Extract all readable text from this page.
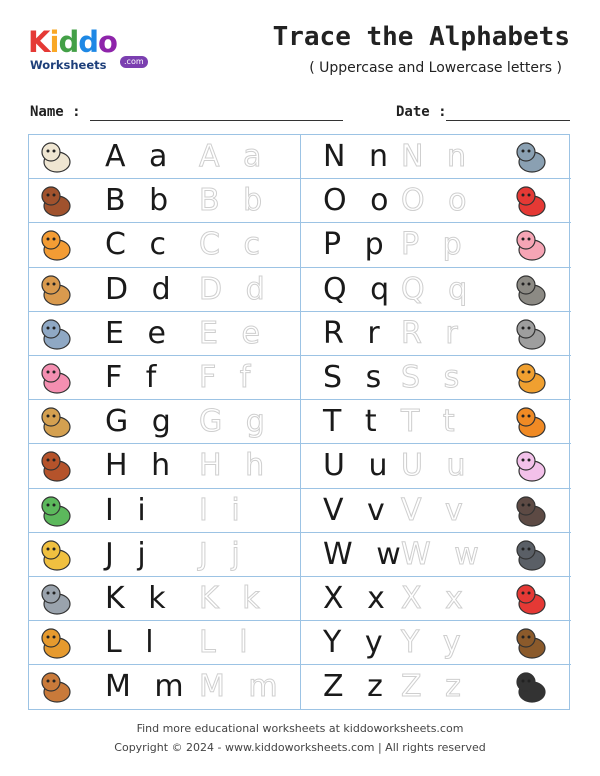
Kiddo
Worksheets	.com
Trace the Alphabets
( Uppercase and Lowercase letters )
Name :	Date :
A a A a
B b B b
C c C c
D d D d
E e E e
F f F f
G g G g
H h H h
I i I i
J j J j
K k K k
L l L l
M m M m
N n N n
O o O o
P p P p
Q q Q q
R r R r
S s S s
T t T t
U u U u
V v V v
W w
W w
X x X x
Y y Y y
Z z Z z
Find more educational worksheets at kiddoworksheets.com
Copyright © 2024 - www.kiddoworksheets.com | All rights reserved
